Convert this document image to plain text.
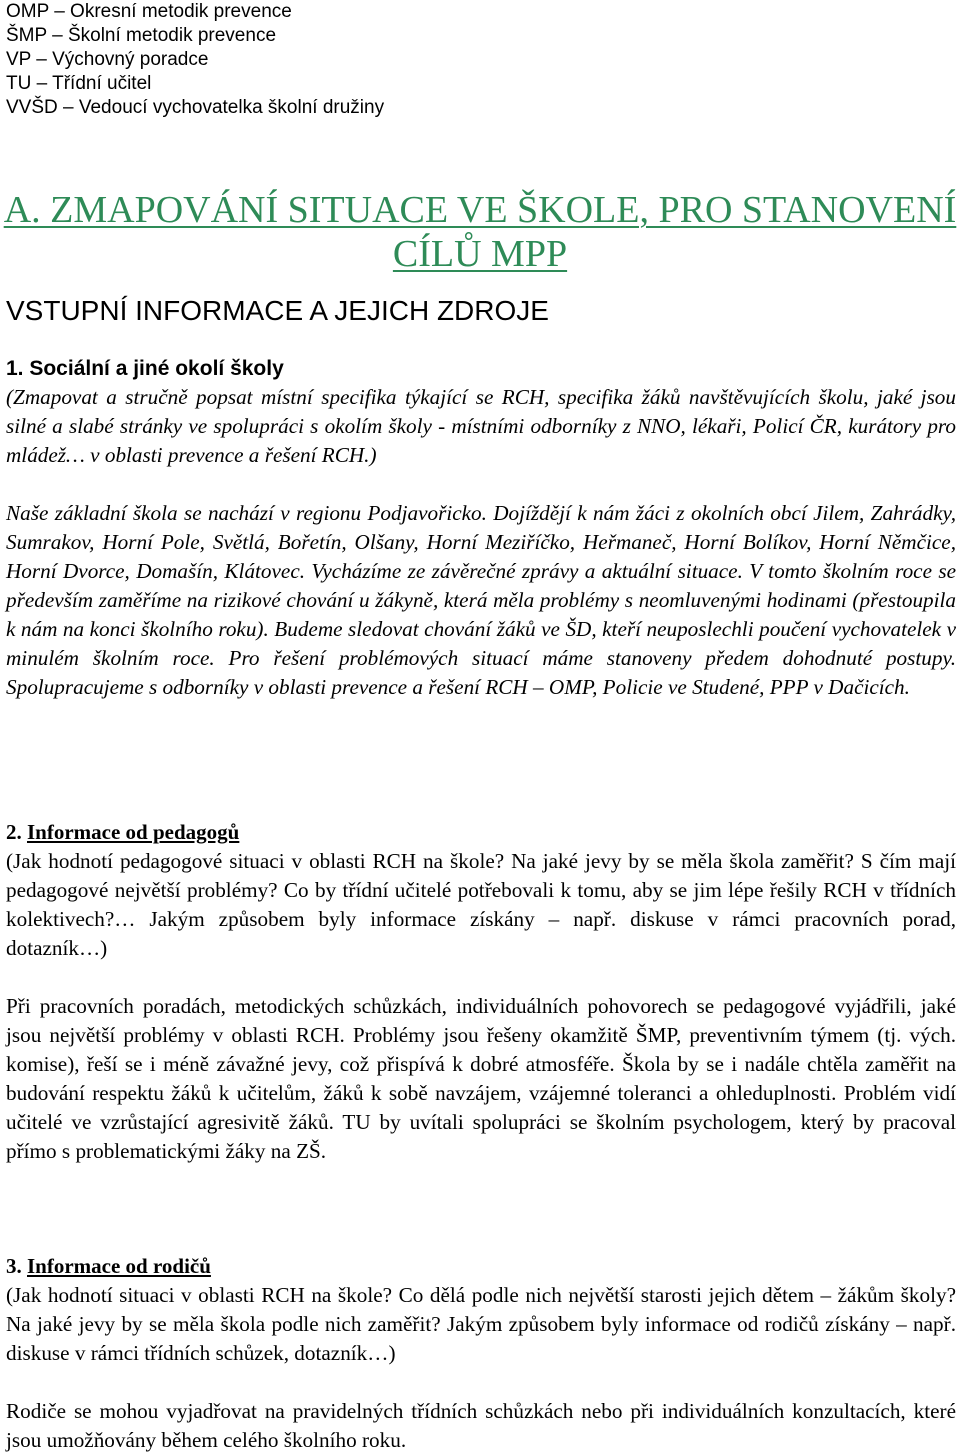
OMP – Okresní metodik prevence
ŠMP – Školní metodik prevence
VP – Výchovný poradce
TU – Třídní učitel
VVŠD – Vedoucí vychovatelka školní družiny
A. ZMAPOVÁNÍ SITUACE VE ŠKOLE, PRO STANOVENÍ
CÍLŮ MPP
VSTUPNÍ INFORMACE A JEJICH ZDROJE
1. Sociální a jiné okolí školy
(Zmapovat a stručně popsat místní specifika týkající se RCH, specifika žáků navštěvujících školu, jaké jsou silné a slabé stránky ve spolupráci s okolím školy - místními odborníky z NNO, lékaři, Policí ČR, kurátory pro mládež… v oblasti prevence a řešení RCH.)
Naše základní škola se nachází v regionu Podjavořicko. Dojíždějí k nám žáci z okolních obcí Jilem, Zahrádky, Sumrakov, Horní Pole, Světlá, Bořetín, Olšany, Horní Meziříčko, Heřmaneč, Horní Bolíkov, Horní Němčice, Horní Dvorce, Domašín, Klátovec. Vycházíme ze závěrečné zprávy a aktuální situace. V tomto školním roce se především zaměříme na rizikové chování u žákyně, která měla problémy s neomluvenými hodinami (přestoupila k nám na konci školního roku). Budeme sledovat chování žáků ve ŠD, kteří neuposlechli poučení vychovatelek v minulém školním roce. Pro řešení problémových situací máme stanoveny předem dohodnuté postupy. Spolupracujeme s odborníky v oblasti prevence a řešení RCH – OMP, Policie ve Studené, PPP v Dačicích.
2. Informace od pedagogů
(Jak hodnotí pedagogové situaci v oblasti RCH na škole? Na jaké jevy by se měla škola zaměřit? S čím mají pedagogové největší problémy? Co by třídní učitelé potřebovali k tomu, aby se jim lépe řešily RCH v třídních kolektivech?… Jakým způsobem byly informace získány – např. diskuse v rámci pracovních porad, dotazník…)
Při pracovních poradách, metodických schůzkách, individuálních pohovorech se pedagogové vyjádřili, jaké jsou největší problémy v oblasti RCH. Problémy jsou řešeny okamžitě ŠMP, preventivním týmem (tj. vých. komise), řeší se i méně závažné jevy, což přispívá k dobré atmosféře. Škola by se i nadále chtěla zaměřit na budování respektu žáků k učitelům, žáků k sobě navzájem, vzájemné toleranci a ohleduplnosti. Problém vidí učitelé ve vzrůstající agresivitě žáků. TU by uvítali spolupráci se školním psychologem, který by pracoval přímo s problematickými žáky na ZŠ.
3. Informace od rodičů
(Jak hodnotí situaci v oblasti RCH na škole? Co dělá podle nich největší starosti jejich dětem – žákům školy? Na jaké jevy by se měla škola podle nich zaměřit? Jakým způsobem byly informace od rodičů získány – např. diskuse v rámci třídních schůzek, dotazník…)
Rodiče se mohou vyjadřovat na pravidelných třídních schůzkách nebo při individuálních konzultacích, které jsou umožňovány během celého školního roku.
